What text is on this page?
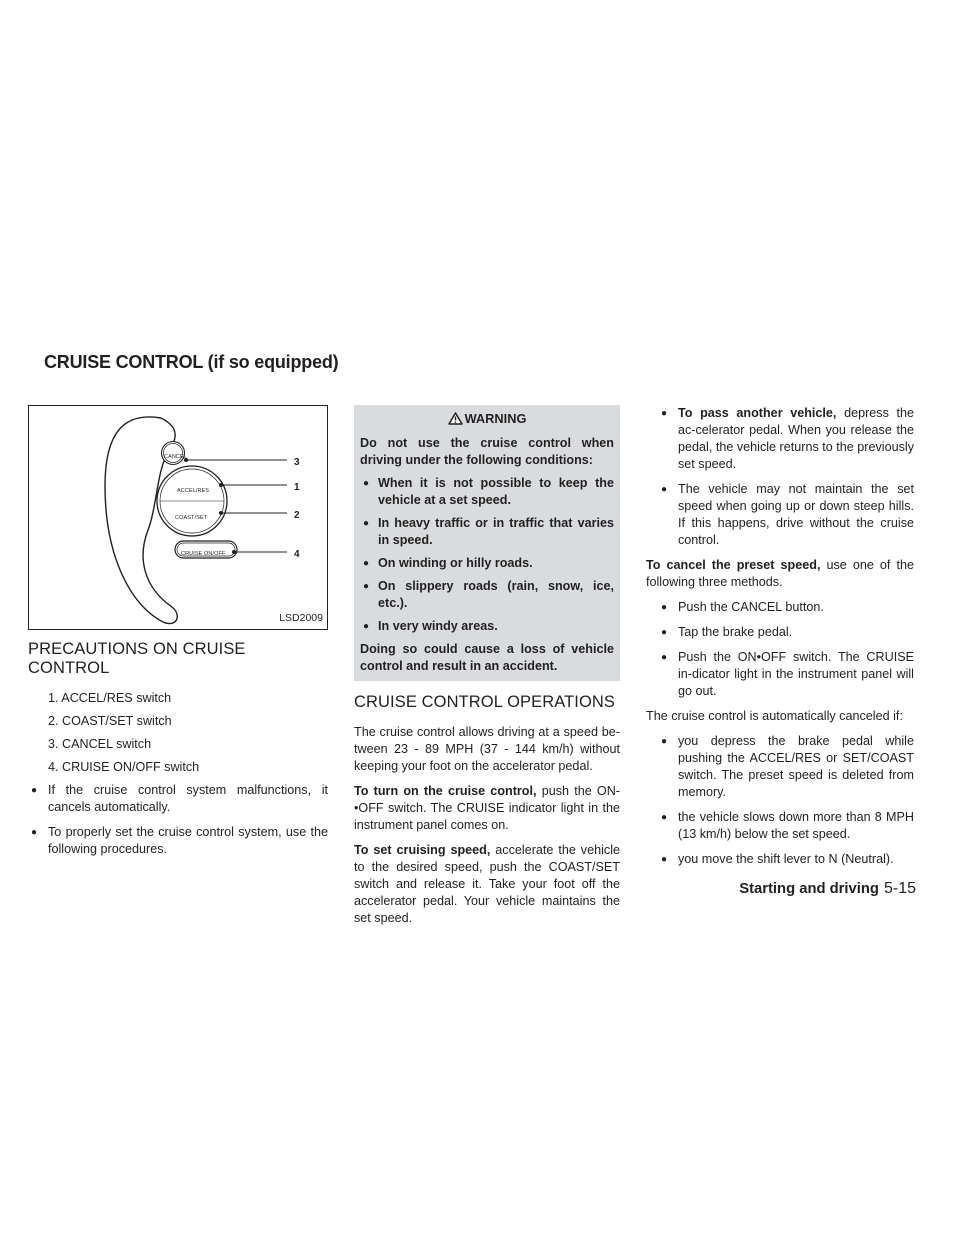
CRUISE CONTROL (if so equipped)
CANCEL
ACCEL/RES
COAST/SET
CRUISE ON/OFF
3
1
2
4
LSD2009
PRECAUTIONS ON CRUISE CONTROL
1. ACCEL/RES switch
2. COAST/SET switch
3. CANCEL switch
4. CRUISE ON/OFF switch
● If the cruise control system malfunctions, it cancels automatically.
● To properly set the cruise control system, use the following procedures.
WARNING

Do not use the cruise control when driving under the following conditions:

● When it is not possible to keep the vehicle at a set speed.
● In heavy traffic or in traffic that varies in speed.
● On winding or hilly roads.
● On slippery roads (rain, snow, ice, etc.).
● In very windy areas.

Doing so could cause a loss of vehicle control and result in an accident.

CRUISE CONTROL OPERATIONS

The cruise control allows driving at a speed be-tween 23 - 89 MPH (37 - 144 km/h) without keeping your foot on the accelerator pedal.

To turn on the cruise control, push the ON-•OFF switch. The CRUISE indicator light in the instrument panel comes on.

To set cruising speed, accelerate the vehicle to the desired speed, push the COAST/SET switch and release it. Take your foot off the accelerator pedal. Your vehicle maintains the set speed.

● To pass another vehicle, depress the ac-celerator pedal. When you release the pedal, the vehicle returns to the previously set speed.
● The vehicle may not maintain the set speed when going up or down steep hills. If this happens, drive without the cruise control.

To cancel the preset speed, use one of the following three methods.

● Push the CANCEL button.
● Tap the brake pedal.
● Push the ON•OFF switch. The CRUISE in-dicator light in the instrument panel will go out.

The cruise control is automatically canceled if:

● you depress the brake pedal while pushing the ACCEL/RES or SET/COAST switch. The preset speed is deleted from memory.
● the vehicle slows down more than 8 MPH (13 km/h) below the set speed.
● you move the shift lever to N (Neutral).
Starting and driving 5-15
